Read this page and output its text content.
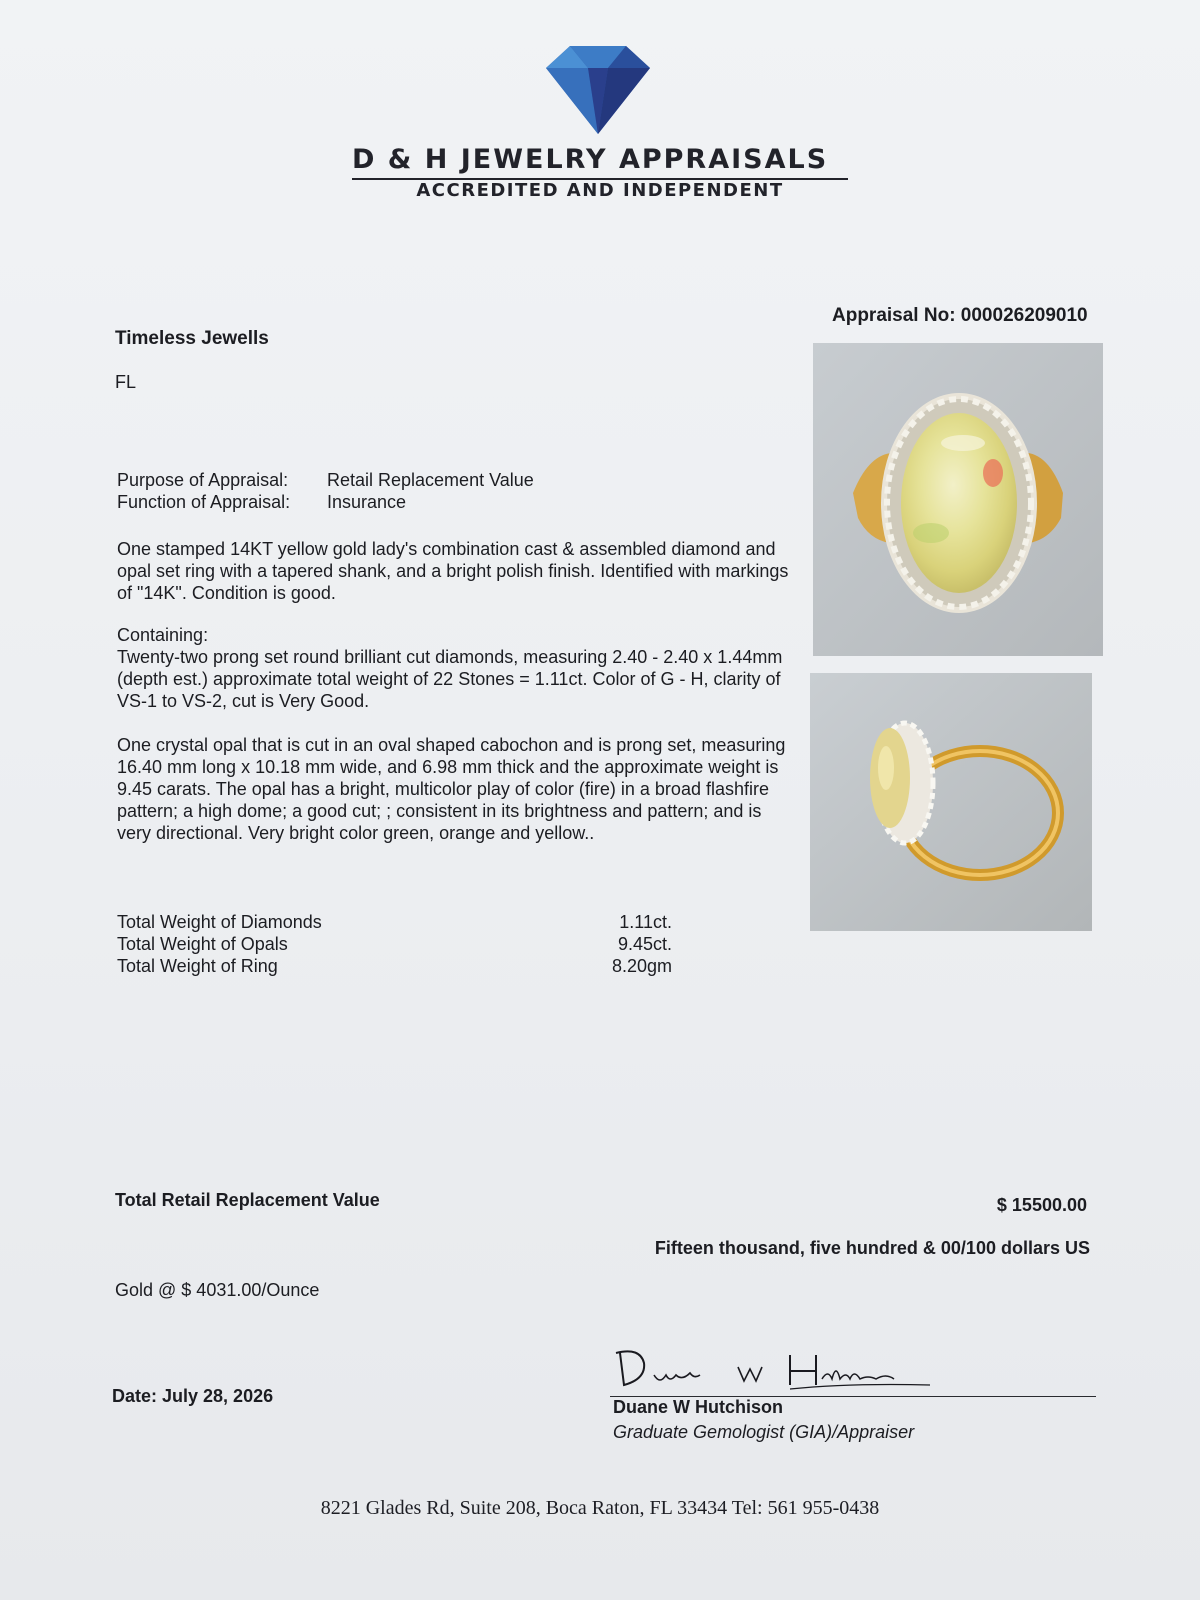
D & H JEWELRY APPRAISALS
ACCREDITED AND INDEPENDENT
Appraisal No: 000026209010
Timeless Jewells
FL
Purpose of Appraisal: Retail Replacement Value
Function of Appraisal: Insurance

One stamped 14KT yellow gold lady's combination cast & assembled diamond and opal set ring with a tapered shank, and a bright polish finish. Identified with markings of "14K". Condition is good.

Containing:

Twenty-two prong set round brilliant cut diamonds, measuring 2.40 - 2.40 x 1.44mm (depth est.) approximate total weight of 22 Stones = 1.11ct. Color of G - H, clarity of VS-1 to VS-2, cut is Very Good.

One crystal opal that is cut in an oval shaped cabochon and is prong set, measuring 16.40 mm long x 10.18 mm wide, and 6.98 mm thick and the approximate weight is 9.45 carats. The opal has a bright, multicolor play of color (fire) in a broad flashfire pattern; a high dome; a good cut; ; consistent in its brightness and pattern; and is very directional. Very bright color green, orange and yellow..

Total Weight of Diamonds	1.11ct.
Total Weight of Opals	9.45ct.
Total Weight of Ring	8.20gm
Total Retail Replacement Value	$ 15500.00
Fifteen thousand, five hundred & 00/100 dollars US
Gold @ $ 4031.00/Ounce
Date: July 28, 2026
Duane W Hutchison
Graduate Gemologist (GIA)/Appraiser
8221 Glades Rd, Suite 208, Boca Raton, FL 33434 Tel: 561 955-0438
